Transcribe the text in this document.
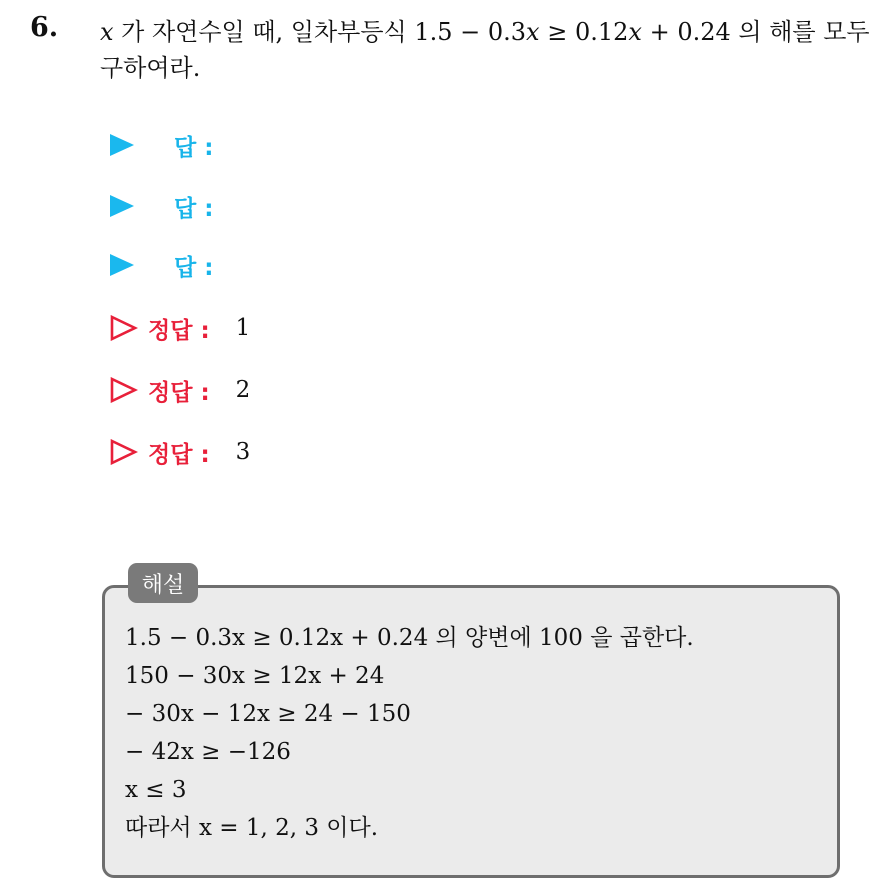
6. x 가 자연수일 때, 일차부등식 1.5 − 0.3x ≥ 0.12x + 0.24 의 해를 모두 구하여라.
답 :
답 :
답 :
정답 : 1
정답 : 2
정답 : 3
해설
1.5 − 0.3x ≥ 0.12x + 0.24 의 양변에 100 을 곱한다.
150 − 30x ≥ 12x + 24
− 30x − 12x ≥ 24 − 150
− 42x ≥ −126
x ≤ 3
따라서 x = 1, 2, 3 이다.
